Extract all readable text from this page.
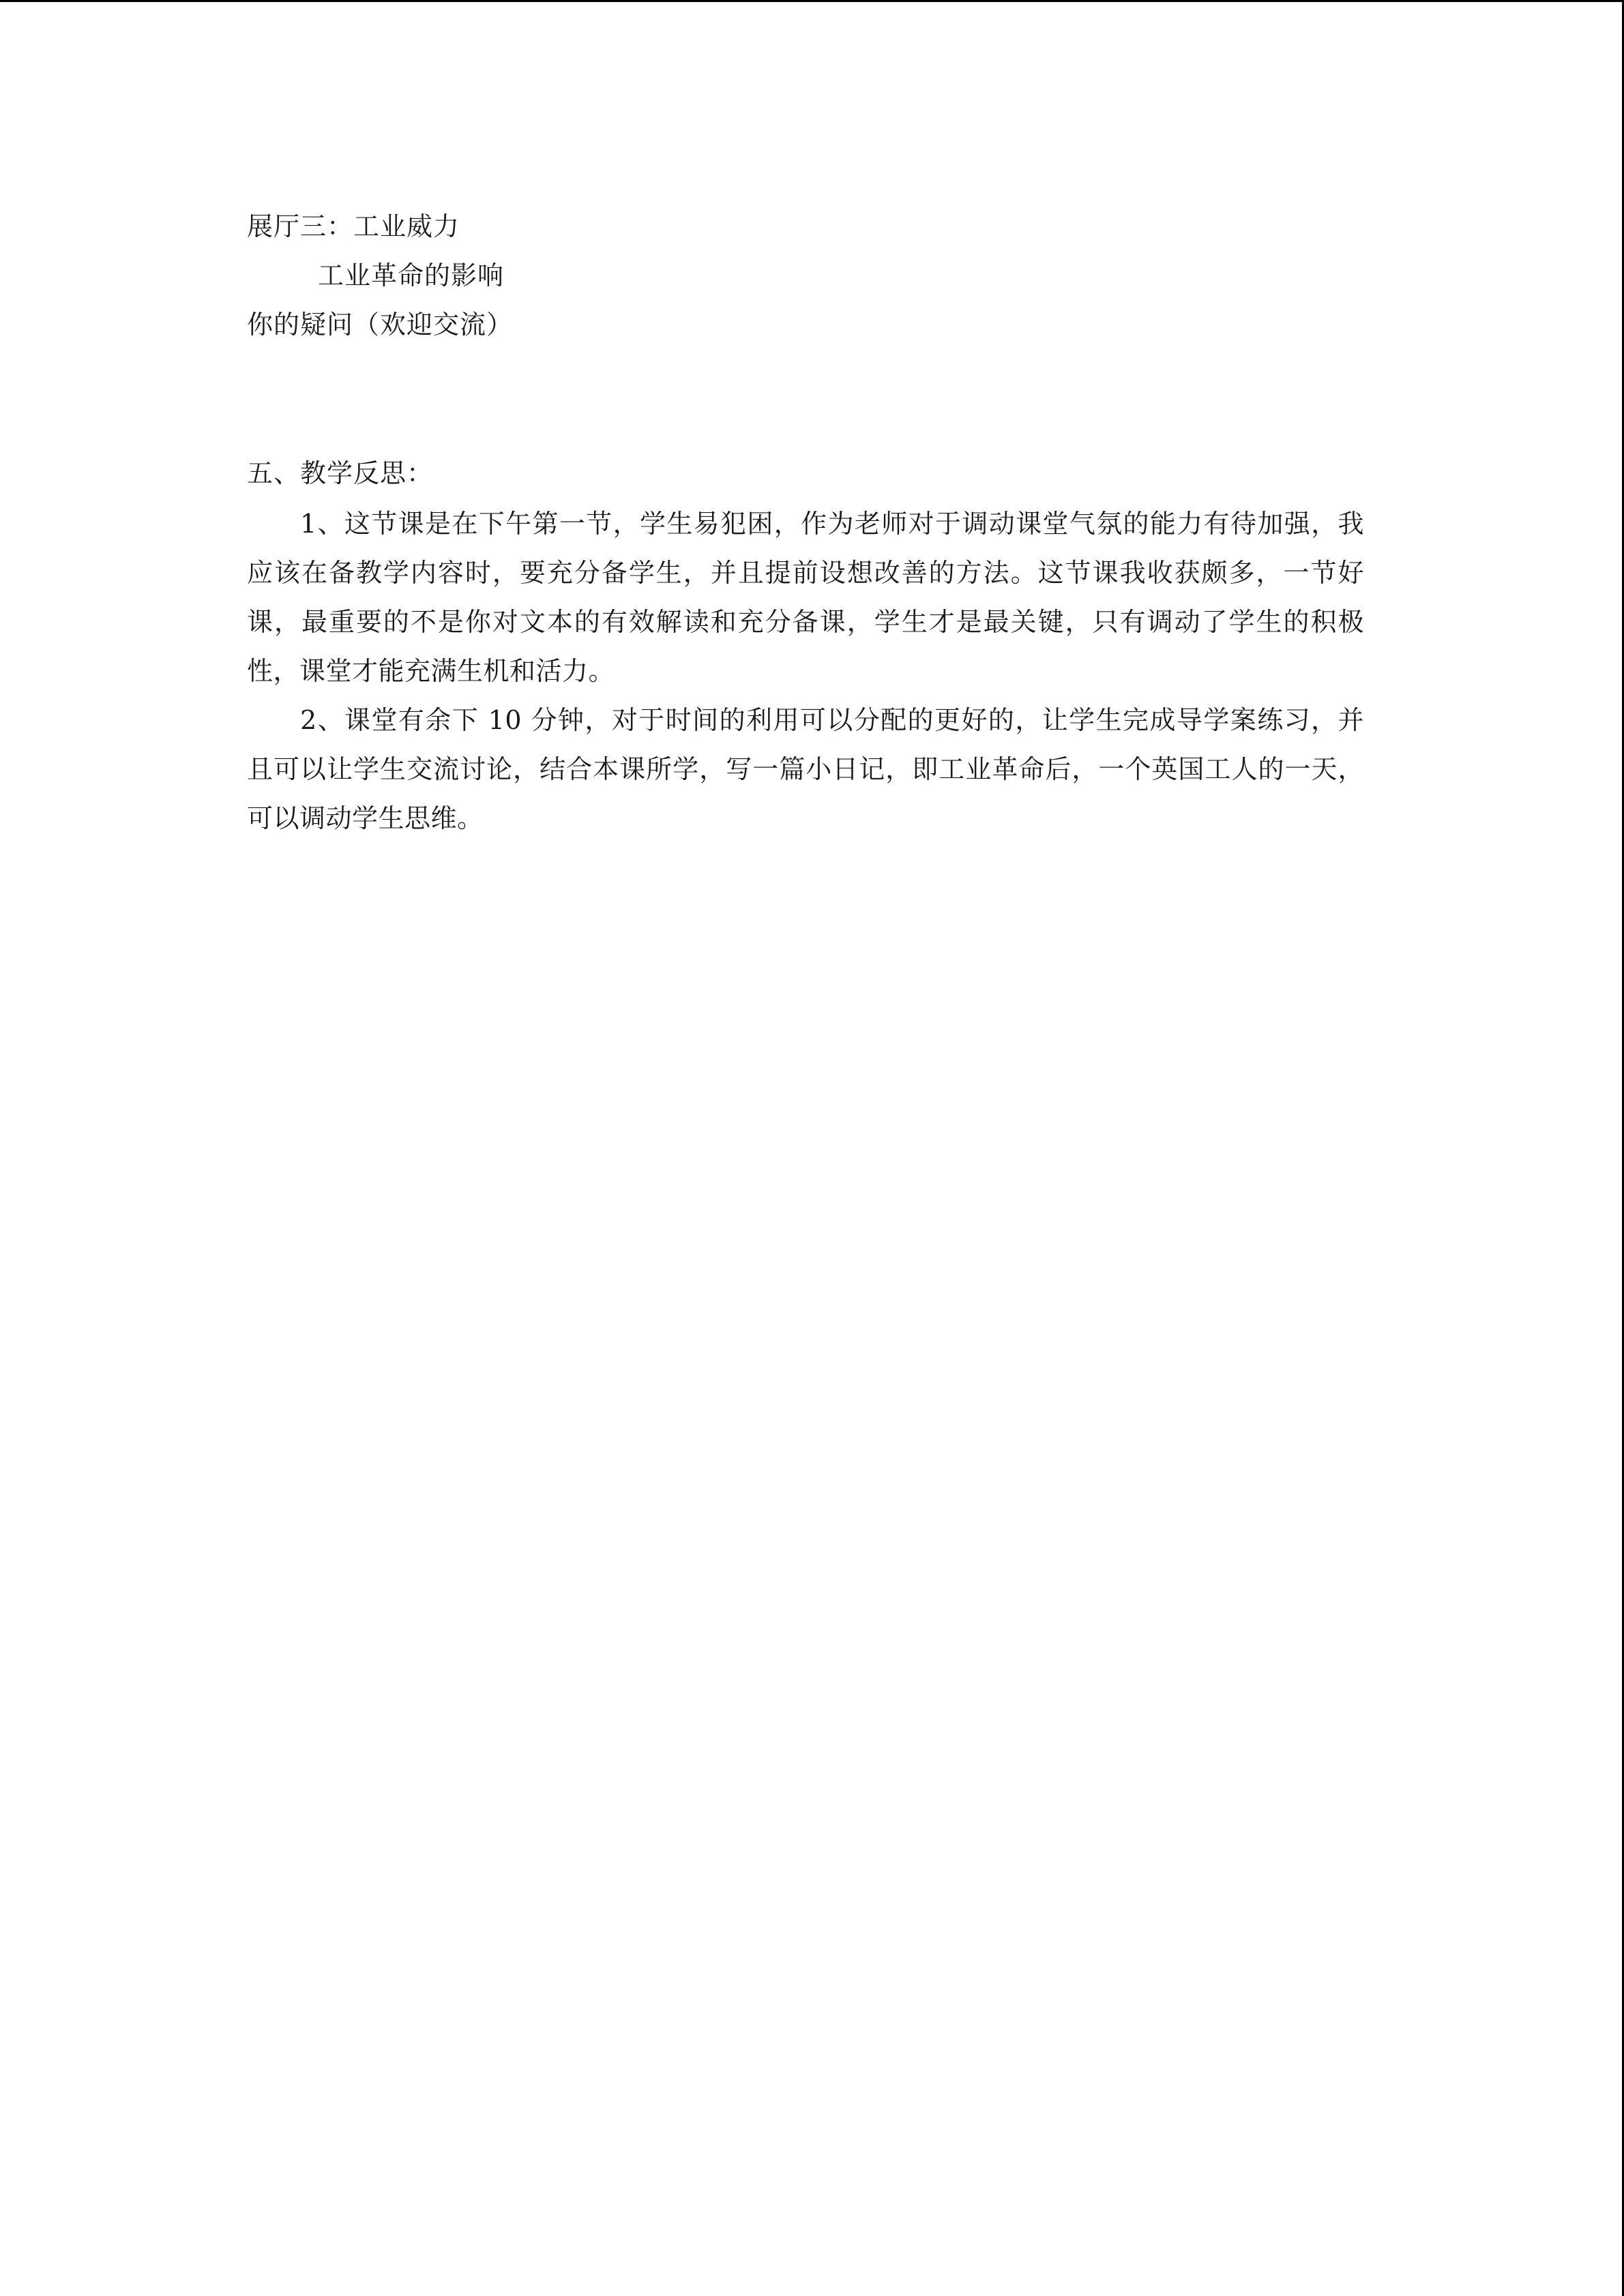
展厅三：工业威力
工业革命的影响
你的疑问（欢迎交流）
五、教学反思：
1、这节课是在下午第一节，学生易犯困，作为老师对于调动课堂气氛的能力有待加强，我应该在备教学内容时，要充分备学生，并且提前设想改善的方法。这节课我收获颇多，一节好课，最重要的不是你对文本的有效解读和充分备课，学生才是最关键，只有调动了学生的积极性，课堂才能充满生机和活力。
2、课堂有余下 10 分钟，对于时间的利用可以分配的更好的，让学生完成导学案练习，并且可以让学生交流讨论，结合本课所学，写一篇小日记，即工业革命后，一个英国工人的一天，可以调动学生思维。
